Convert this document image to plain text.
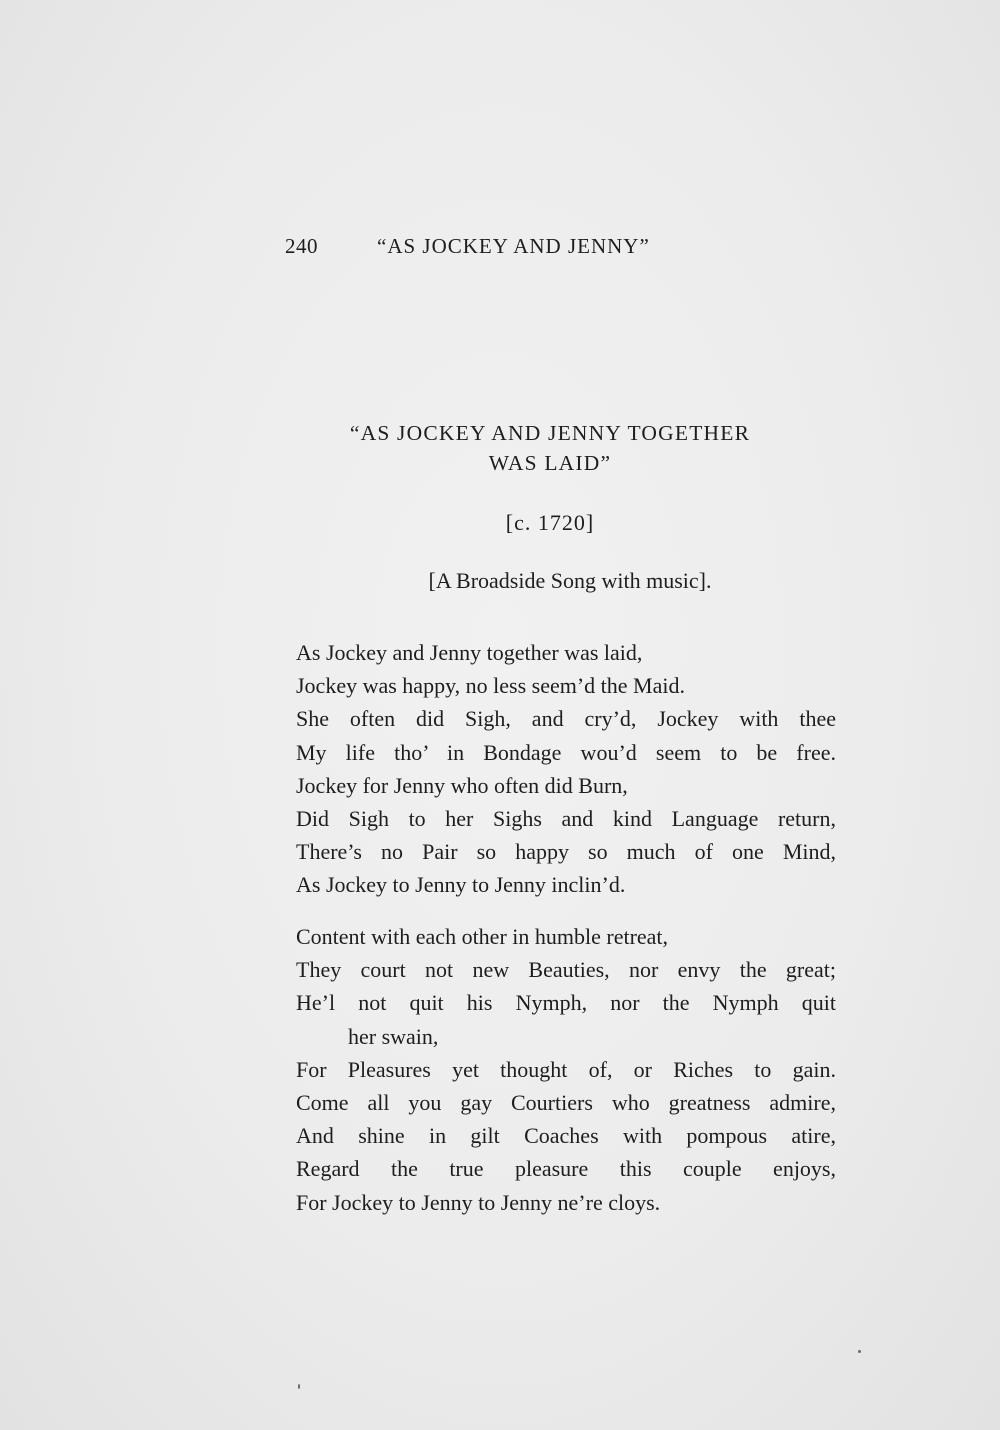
240	“AS JOCKEY AND JENNY”
“AS JOCKEY AND JENNY TOGETHER
WAS LAID”
[c. 1720]
[A Broadside Song with music].
As Jockey and Jenny together was laid,
Jockey was happy, no less seem’d the Maid.
She often did Sigh, and cry’d, Jockey with thee
My life tho’ in Bondage wou’d seem to be free.
Jockey for Jenny who often did Burn,
Did Sigh to her Sighs and kind Language return,
There’s no Pair so happy so much of one Mind,
As Jockey to Jenny to Jenny inclin’d.
Content with each other in humble retreat,
They court not new Beauties, nor envy the great;
He’l not quit his Nymph, nor the Nymph quit
her swain,
For Pleasures yet thought of, or Riches to gain.
Come all you gay Courtiers who greatness admire,
And shine in gilt Coaches with pompous atire,
Regard the true pleasure this couple enjoys,
For Jockey to Jenny to Jenny ne’re cloys.
